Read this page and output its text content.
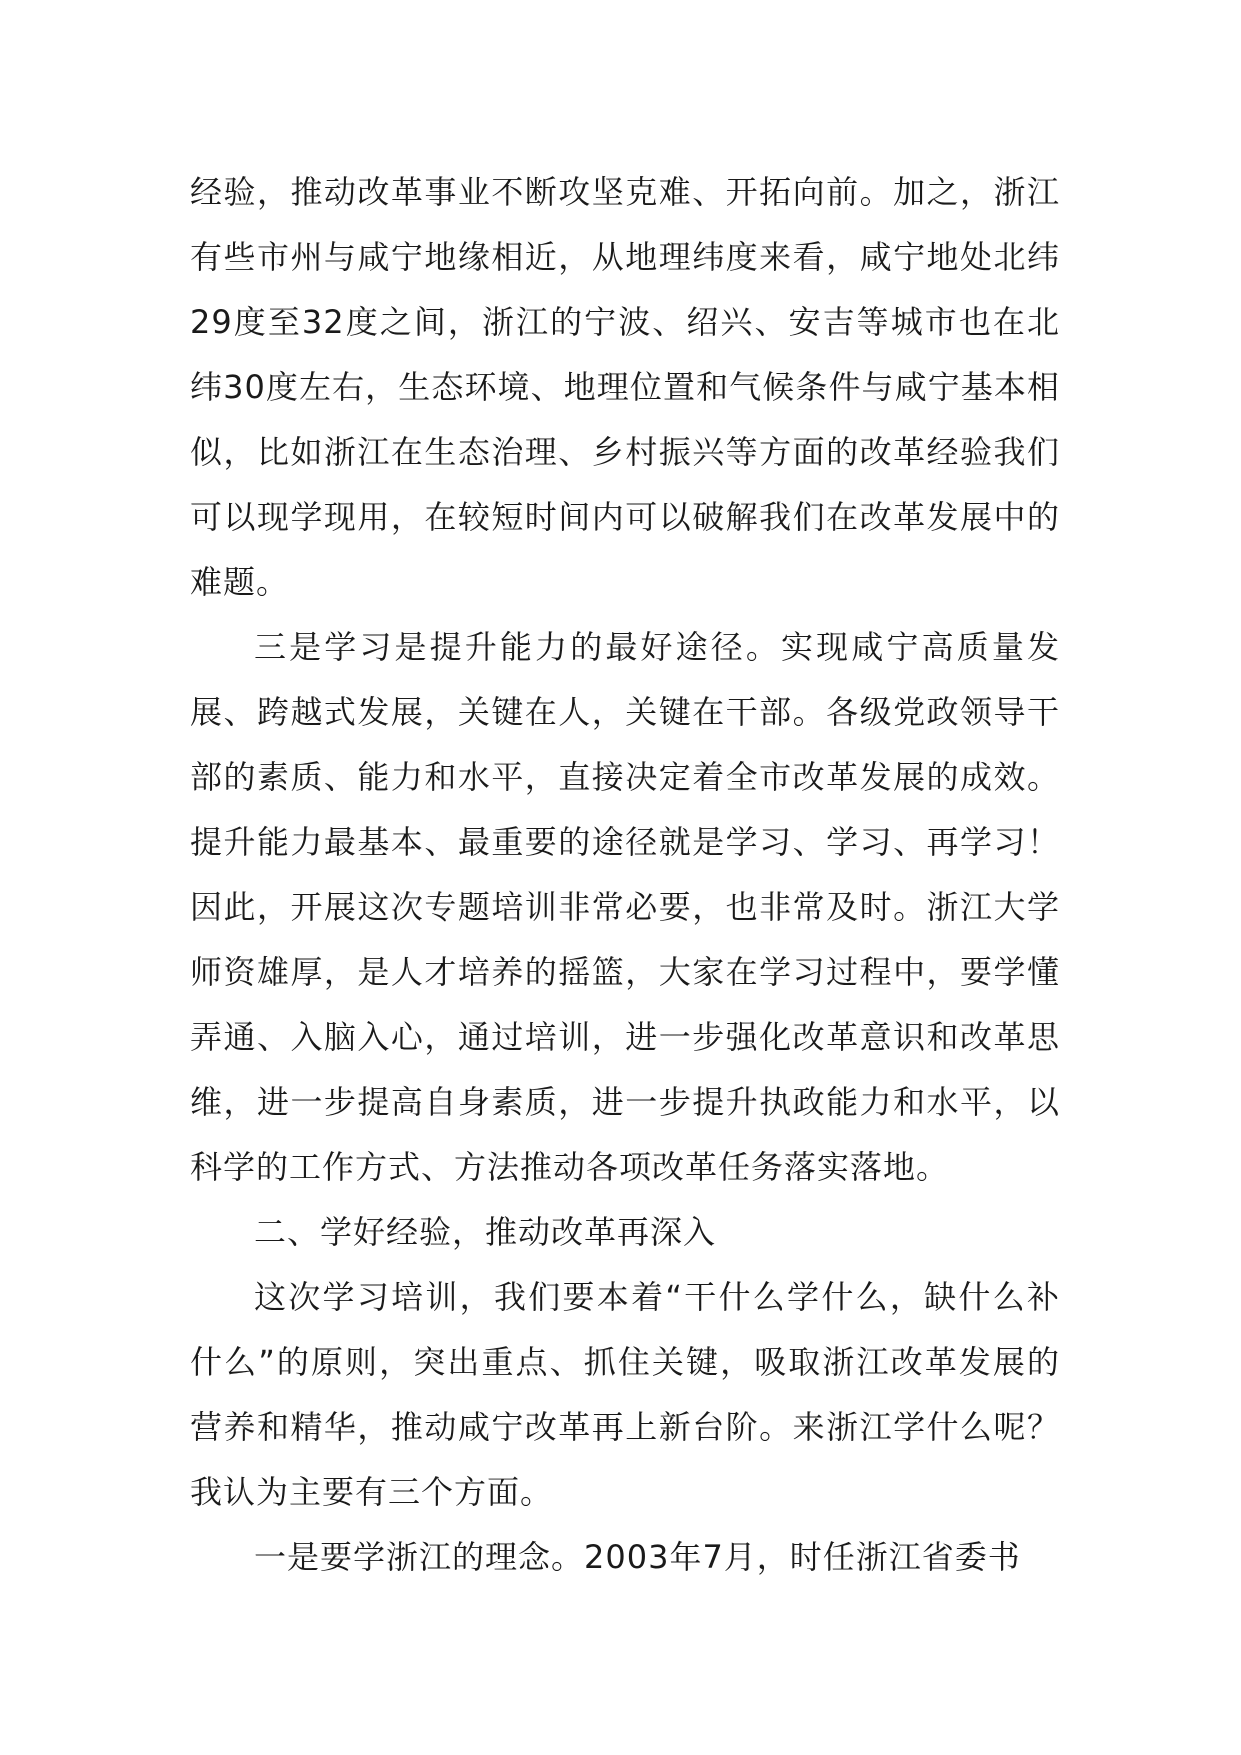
经验，推动改革事业不断攻坚克难、开拓向前。加之，浙江有些市州与咸宁地缘相近，从地理纬度来看，咸宁地处北纬29度至32度之间，浙江的宁波、绍兴、安吉等城市也在北纬30度左右，生态环境、地理位置和气候条件与咸宁基本相似，比如浙江在生态治理、乡村振兴等方面的改革经验我们可以现学现用，在较短时间内可以破解我们在改革发展中的难题。

三是学习是提升能力的最好途径。实现咸宁高质量发展、跨越式发展，关键在人，关键在干部。各级党政领导干部的素质、能力和水平，直接决定着全市改革发展的成效。提升能力最基本、最重要的途径就是学习、学习、再学习！因此，开展这次专题培训非常必要，也非常及时。浙江大学师资雄厚，是人才培养的摇篮，大家在学习过程中，要学懂弄通、入脑入心，通过培训，进一步强化改革意识和改革思维，进一步提高自身素质，进一步提升执政能力和水平，以科学的工作方式、方法推动各项改革任务落实落地。

二、学好经验，推动改革再深入

这次学习培训，我们要本着“干什么学什么，缺什么补什么”的原则，突出重点、抓住关键，吸取浙江改革发展的营养和精华，推动咸宁改革再上新台阶。来浙江学什么呢？我认为主要有三个方面。

一是要学浙江的理念。2003年7月，时任浙江省委书
